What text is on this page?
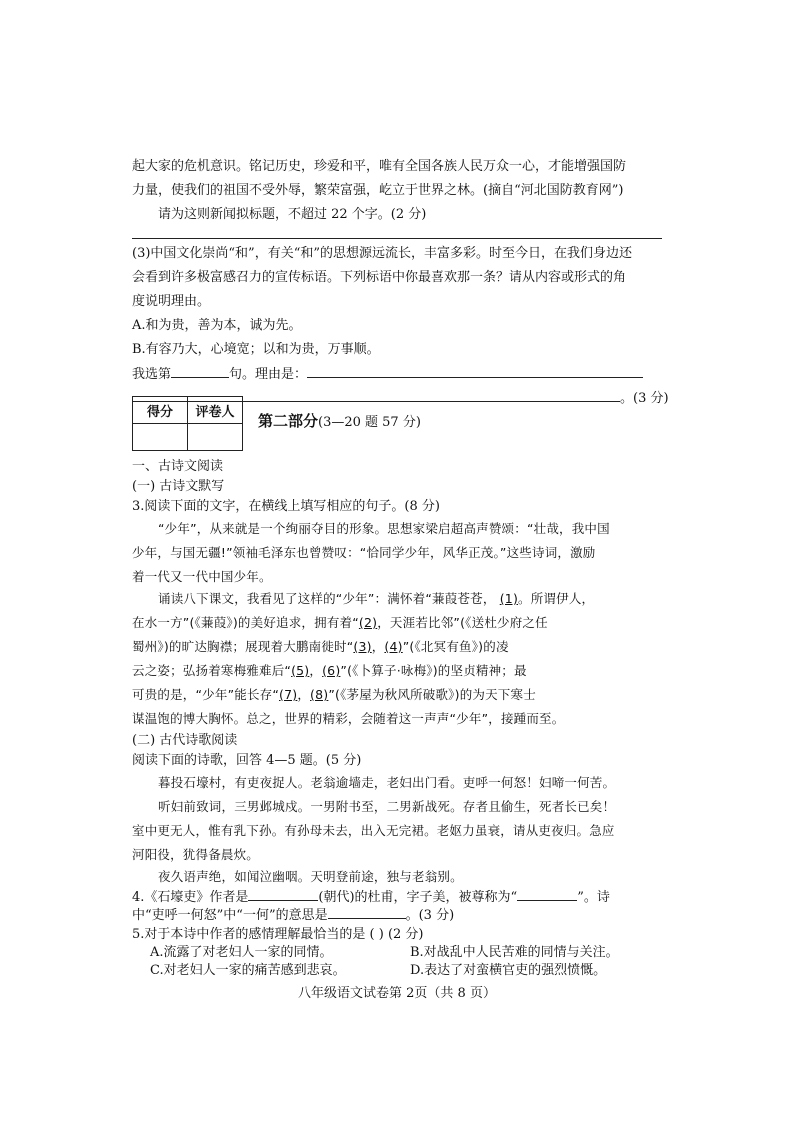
起大家的危机意识。铭记历史，珍爱和平，唯有全国各族人民万众一心，才能增强国防
力量，使我们的祖国不受外辱，繁荣富强，屹立于世界之林。(摘自“河北国防教育网”)
请为这则新闻拟标题，不超过 22 个字。(2 分)
(3)中国文化崇尚“和”，有关“和”的思想源远流长，丰富多彩。时至今日，在我们身边还
会看到许多极富感召力的宣传标语。下列标语中你最喜欢那一条？请从内容或形式的角
度说明理由。
A.和为贵，善为本，诚为先。
B.有容乃大，心境宽；以和为贵，万事顺。
我选第	句。理由是：
。(3 分)
得分	评卷人
	第二部分(3—20 题 57 分)
一、古诗文阅读
(一) 古诗文默写
3.阅读下面的文字，在横线上填写相应的句子。(8 分)
“少年”，从来就是一个绚丽夺目的形象。思想家梁启超高声赞颂：“壮哉，我中国
少年，与国无疆!”领袖毛泽东也曾赞叹：“恰同学少年，风华正茂。”这些诗词，激励
着一代又一代中国少年。
诵读八下课文，我看见了这样的“少年”：满怀着“蒹葭苍苍， (1)。所谓伊人，
在水一方”(《蒹葭》)的美好追求，拥有着“(2)，天涯若比邻”(《送杜少府之任
蜀州》)的旷达胸襟；展现着大鹏南徙时“(3)，(4)”(《北冥有鱼》)的凌
云之姿；弘扬着寒梅雅难后“(5)，(6)”(《卜算子·咏梅》)的坚贞精神；最
可贵的是，“少年”能长存“(7)，(8)”(《茅屋为秋风所破歌》)的为天下寒士
谋温饱的博大胸怀。总之，世界的精彩，会随着这一声声“少年”，接踵而至。
(二) 古代诗歌阅读
阅读下面的诗歌，回答 4—5 题。(5 分)
暮投石壕村，有吏夜捉人。老翁逾墙走，老妇出门看。吏呼一何怒！妇啼一何苦。
听妇前致词，三男邺城戍。一男附书至，二男新战死。存者且偷生，死者长已矣！
室中更无人，惟有乳下孙。有孙母未去，出入无完裙。老妪力虽衰，请从吏夜归。急应
河阳役，犹得备晨炊。
夜久语声绝，如闻泣幽咽。天明登前途，独与老翁别。
4.《石壕吏》作者是	(朝代)的杜甫，字子美，被尊称为“	”。诗
中“吏呼一何怒”中“一何”的意思是	。(3 分)
5.对于本诗中作者的感情理解最恰当的是 ( ) (2 分)
A.流露了对老妇人一家的同情。	B.对战乱中人民苦难的同情与关注。
C.对老妇人一家的痛苦感到悲哀。	D.表达了对蛮横官吏的强烈愤慨。
八年级语文试卷第 2页（共 8 页）
